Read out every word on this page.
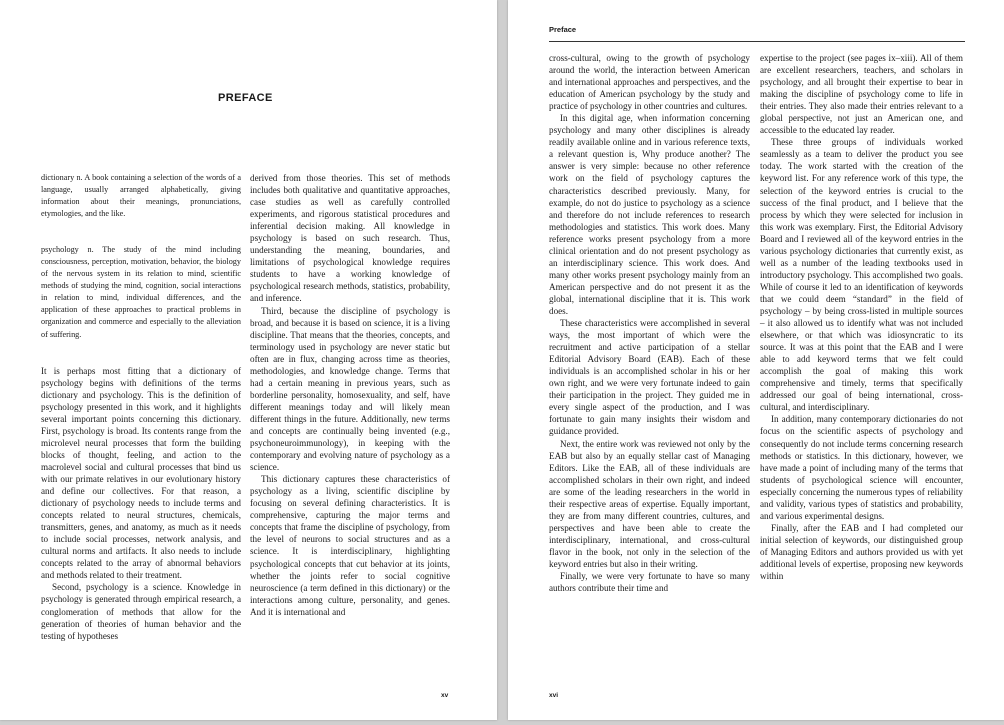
PREFACE

dictionary n. A book containing a selection of the words of a language, usually arranged alphabetically, giving information about their meanings, pronunciations, etymologies, and the like.

psychology n. The study of the mind including consciousness, perception, motivation, behavior, the biology of the nervous system in its relation to mind, scientific methods of studying the mind, cognition, social interactions in relation to mind, individual differences, and the application of these approaches to practical problems in organization and commerce and especially to the alleviation of suffering.

It is perhaps most fitting that a dictionary of psychology begins with definitions of the terms dictionary and psychology. This is the definition of psychology presented in this work, and it highlights several important points concerning this dictionary. First, psychology is broad. Its contents range from the microlevel neural processes that form the building blocks of thought, feeling, and action to the macrolevel social and cultural processes that bind us with our primate relatives in our evolutionary history and define our collectives. For that reason, a dictionary of psychology needs to include terms and concepts related to neural structures, chemicals, transmitters, genes, and anatomy, as much as it needs to include social processes, network analysis, and cultural norms and artifacts. It also needs to include concepts related to the array of abnormal behaviors and methods related to their treatment.

Second, psychology is a science. Knowledge in psychology is generated through empirical research, a conglomeration of methods that allow for the generation of theories of human behavior and the testing of hypotheses

derived from those theories. This set of methods includes both qualitative and quantitative approaches, case studies as well as carefully controlled experiments, and rigorous statistical procedures and inferential decision making. All knowledge in psychology is based on such research. Thus, understanding the meaning, boundaries, and limitations of psychological knowledge requires students to have a working knowledge of psychological research methods, statistics, probability, and inference.

Third, because the discipline of psychology is broad, and because it is based on science, it is a living discipline. That means that the theories, concepts, and terminology used in psychology are never static but often are in flux, changing across time as theories, methodologies, and knowledge change. Terms that had a certain meaning in previous years, such as borderline personality, homosexuality, and self, have different meanings today and will likely mean different things in the future. Additionally, new terms and concepts are continually being invented (e.g., psychoneuroimmunology), in keeping with the contemporary and evolving nature of psychology as a science.

This dictionary captures these characteristics of psychology as a living, scientific discipline by focusing on several defining characteristics. It is comprehensive, capturing the major terms and concepts that frame the discipline of psychology, from the level of neurons to social structures and as a science. It is interdisciplinary, highlighting psychological concepts that cut behavior at its joints, whether the joints refer to social cognitive neuroscience (a term defined in this dictionary) or the interactions among culture, personality, and genes. And it is international and

xv

Preface

cross-cultural, owing to the growth of psychology around the world, the interaction between American and international approaches and perspectives, and the education of American psychology by the study and practice of psychology in other countries and cultures.

In this digital age, when information concerning psychology and many other disciplines is already readily available online and in various reference texts, a relevant question is, Why produce another? The answer is very simple: because no other reference work on the field of psychology captures the characteristics described previously. Many, for example, do not do justice to psychology as a science and therefore do not include references to research methodologies and statistics. This work does. Many reference works present psychology from a more clinical orientation and do not present psychology as an interdisciplinary science. This work does. And many other works present psychology mainly from an American perspective and do not present it as the global, international discipline that it is. This work does.

These characteristics were accomplished in several ways, the most important of which were the recruitment and active participation of a stellar Editorial Advisory Board (EAB). Each of these individuals is an accomplished scholar in his or her own right, and we were very fortunate indeed to gain their participation in the project. They guided me in every single aspect of the production, and I was fortunate to gain many insights their wisdom and guidance provided.

Next, the entire work was reviewed not only by the EAB but also by an equally stellar cast of Managing Editors. Like the EAB, all of these individuals are accomplished scholars in their own right, and indeed are some of the leading researchers in the world in their respective areas of expertise. Equally important, they are from many different countries, cultures, and perspectives and have been able to create the interdisciplinary, international, and cross-cultural flavor in the book, not only in the selection of the keyword entries but also in their writing.

Finally, we were very fortunate to have so many authors contribute their time and

expertise to the project (see pages ix–xiii). All of them are excellent researchers, teachers, and scholars in psychology, and all brought their expertise to bear in making the discipline of psychology come to life in their entries. They also made their entries relevant to a global perspective, not just an American one, and accessible to the educated lay reader.

These three groups of individuals worked seamlessly as a team to deliver the product you see today. The work started with the creation of the keyword list. For any reference work of this type, the selection of the keyword entries is crucial to the success of the final product, and I believe that the process by which they were selected for inclusion in this work was exemplary. First, the Editorial Advisory Board and I reviewed all of the keyword entries in the various psychology dictionaries that currently exist, as well as a number of the leading textbooks used in introductory psychology. This accomplished two goals. While of course it led to an identification of keywords that we could deem “standard” in the field of psychology – by being cross-listed in multiple sources – it also allowed us to identify what was not included elsewhere, or that which was idiosyncratic to its source. It was at this point that the EAB and I were able to add keyword terms that we felt could accomplish the goal of making this work comprehensive and timely, terms that specifically addressed our goal of being international, cross-cultural, and interdisciplinary.

In addition, many contemporary dictionaries do not focus on the scientific aspects of psychology and consequently do not include terms concerning research methods or statistics. In this dictionary, however, we have made a point of including many of the terms that students of psychological science will encounter, especially concerning the numerous types of reliability and validity, various types of statistics and probability, and various experimental designs.

Finally, after the EAB and I had completed our initial selection of keywords, our distinguished group of Managing Editors and authors provided us with yet additional levels of expertise, proposing new keywords within

xvi
